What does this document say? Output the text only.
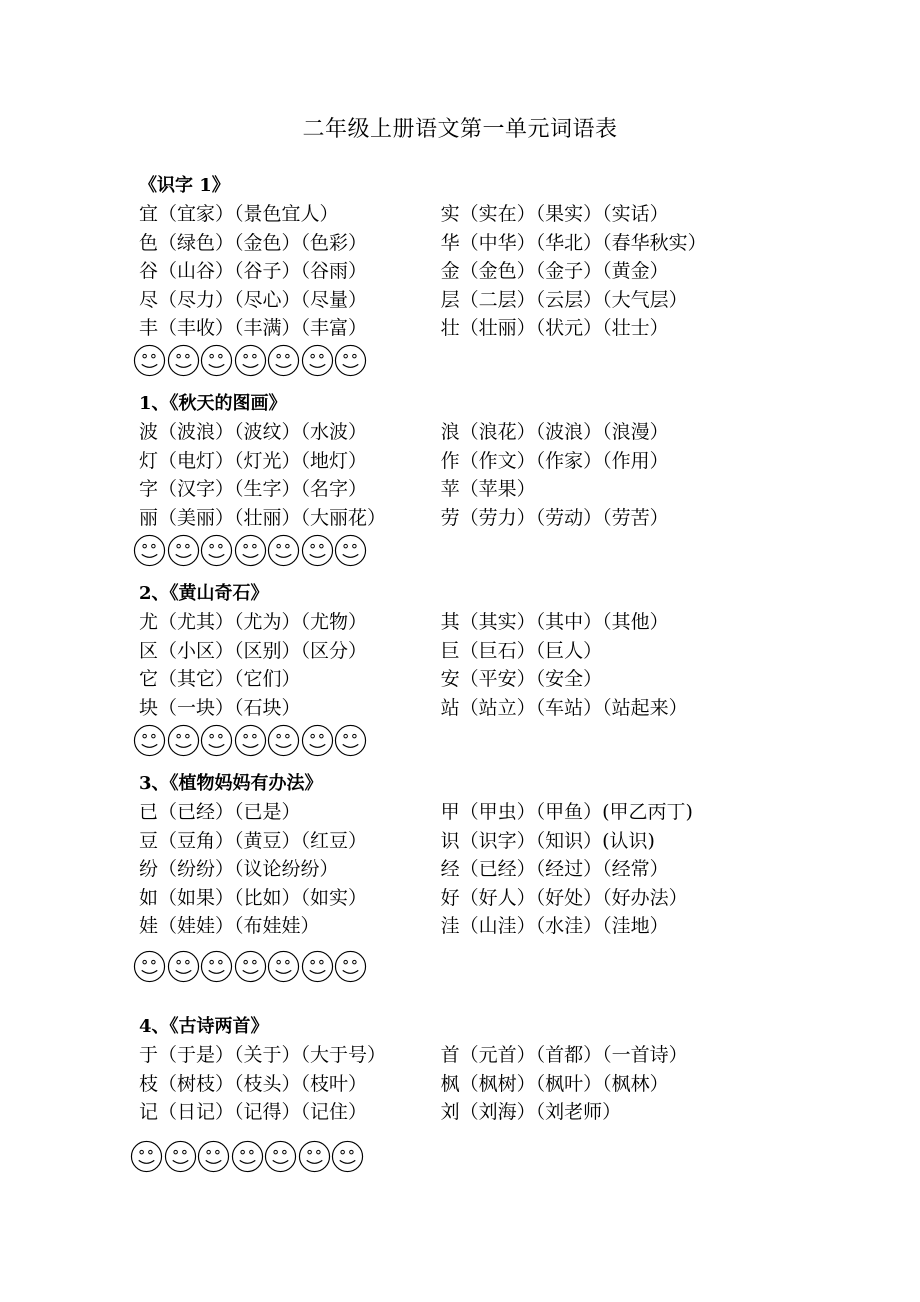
二年级上册语文第一单元词语表
《识字 1》
宜（宜家）（景色宜人）	实（实在）（果实）（实话）
色（绿色）（金色）（色彩）	华（中华）（华北）（春华秋实）
谷（山谷）（谷子）（谷雨）	金（金色）（金子）（黄金）
尽（尽力）（尽心）（尽量）	层（二层）（云层）（大气层）
丰（丰收）（丰满）（丰富）	壮（壮丽）（状元）（壮士）
1、《秋天的图画》
波（波浪）（波纹）（水波）	浪（浪花）（波浪）（浪漫）
灯（电灯）（灯光）（地灯）	作（作文）（作家）（作用）
字（汉字）（生字）（名字）	苹（苹果）
丽（美丽）（壮丽）（大丽花）	劳（劳力）（劳动）（劳苦）
2、《黄山奇石》
尤（尤其）（尤为）（尤物）	其（其实）（其中）（其他）
区（小区）（区别）（区分）	巨（巨石）（巨人）
它（其它）（它们）	安（平安）（安全）
块（一块）（石块）	站（站立）（车站）（站起来）
3、《植物妈妈有办法》
已（已经）（已是）	甲（甲虫）（甲鱼）(甲乙丙丁)
豆（豆角）（黄豆）（红豆）	识（识字）（知识）(认识)
纷（纷纷）（议论纷纷）	经（已经）（经过）（经常）
如（如果）（比如）（如实）	好（好人）（好处）（好办法）
娃（娃娃）（布娃娃）	洼（山洼）（水洼）（洼地）
4、《古诗两首》
于（于是）（关于）（大于号）	首（元首）（首都）（一首诗）
枝（树枝）（枝头）（枝叶）	枫（枫树）（枫叶）（枫林）
记（日记）（记得）（记住）	刘（刘海）（刘老师）
